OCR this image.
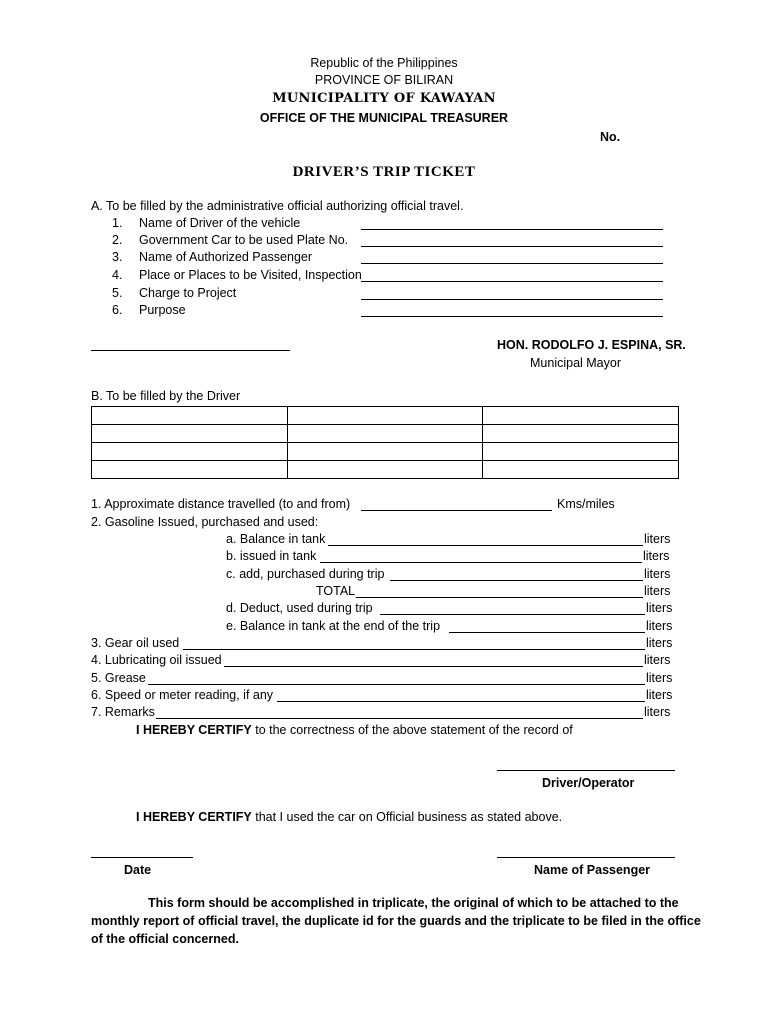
Republic of the Philippines
PROVINCE OF BILIRAN
MUNICIPALITY OF KAWAYAN
OFFICE OF THE MUNICIPAL TREASURER
No.
DRIVER’S TRIP TICKET
A. To be filled by the administrative official authorizing official travel.
1. Name of Driver of the vehicle
2. Government Car to be used Plate No.
3. Name of Authorized Passenger
4. Place or Places to be Visited, Inspection
5. Charge to Project
6. Purpose
HON. RODOLFO J. ESPINA, SR.
Municipal Mayor
B. To be filled by the Driver

1. Approximate distance travelled (to and from)	Kms/miles
2. Gasoline Issued, purchased and used:
a. Balance in tank	liters
b. issued in tank	liters
c. add, purchased during trip	liters
TOTAL	liters
d. Deduct, used during trip	liters
e. Balance in tank at the end of the trip	liters
3. Gear oil used	liters
4. Lubricating oil issued	liters
5. Grease	liters
6. Speed or meter reading, if any	liters
7. Remarks	liters
I HEREBY CERTIFY to the correctness of the above statement of the record of
Driver/Operator
I HEREBY CERTIFY that I used the car on Official business as stated above.
Date	Name of Passenger
This form should be accomplished in triplicate, the original of which to be attached to the
monthly report of official travel, the duplicate id for the guards and the triplicate to be filed in the office
of the official concerned.
